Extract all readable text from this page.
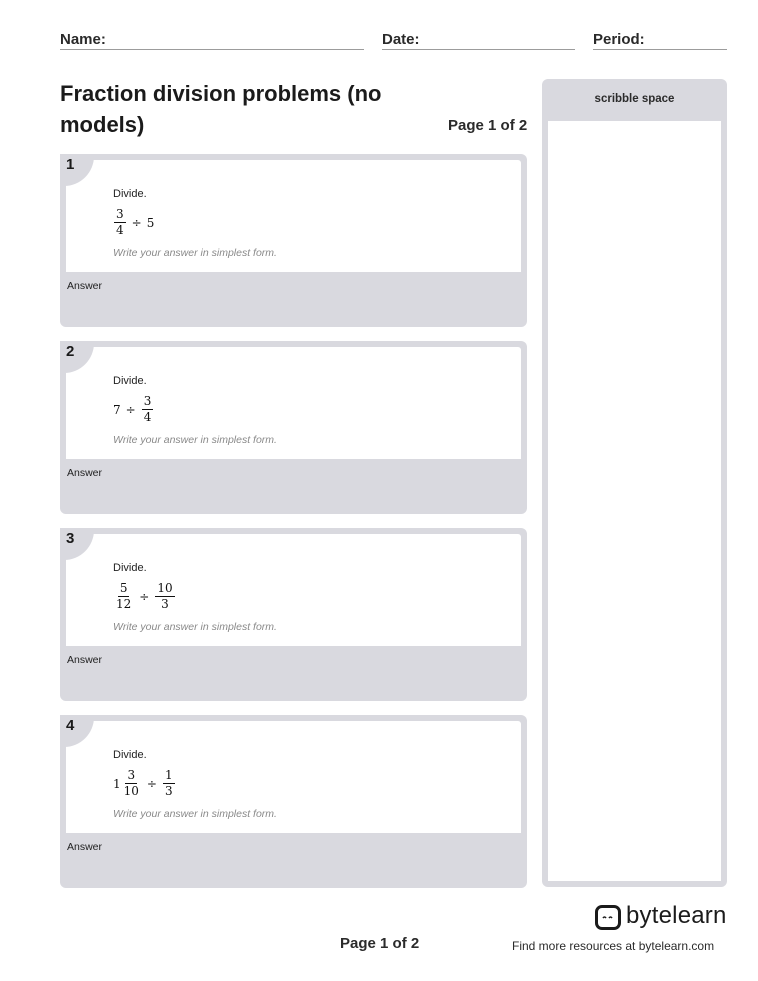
Name:	Date:	Period:
Fraction division problems (no models)	Page 1 of 2
Divide.
$\frac{3}{4} \div 5$
Write your answer in simplest form.
1
Answer
Divide.
$7 \div \frac{3}{4}$
Write your answer in simplest form.
2
Answer
Divide.
$\frac{5}{12} \div \frac{10}{3}$
Write your answer in simplest form.
3
Answer
Divide.
$1 \frac{3}{10} \div \frac{1}{3}$
Write your answer in simplest form.
4
Answer
scribble space
bytelearn
Page 1 of 2	Find more resources at bytelearn.com
